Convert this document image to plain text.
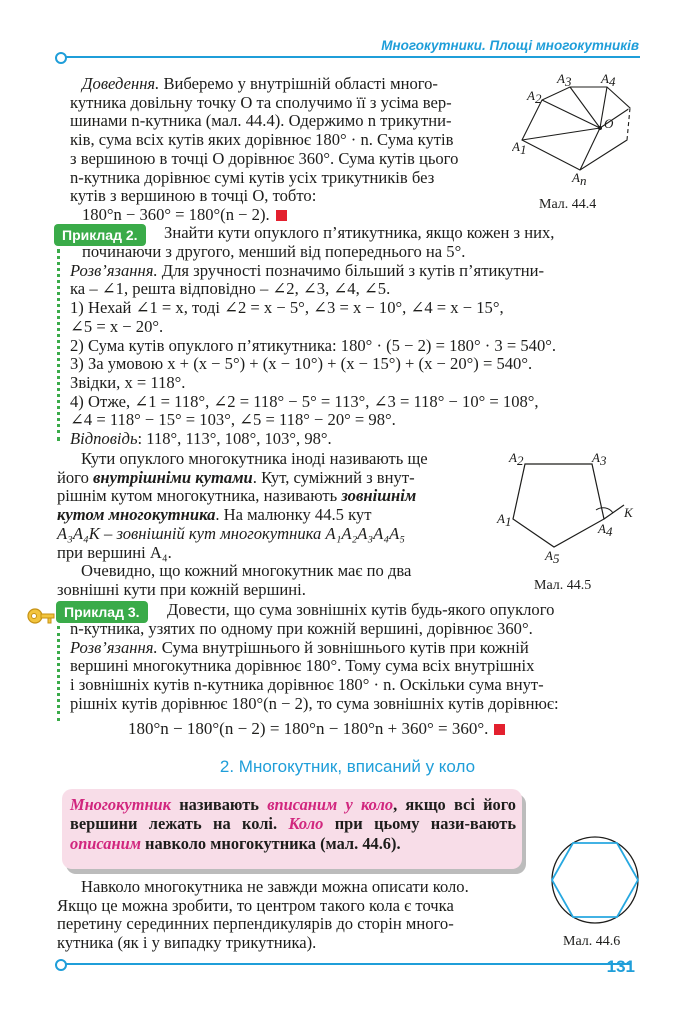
Многокутники. Площі многокутників

Доведення. Виберемо у внутрішній області много-

кутника довільну точку O та сполучимо її з усіма вер-

шинами n-кутника (мал. 44.4). Одержимо n трикутни-

ків, сума всіх кутів яких дорівнює 180° · n. Сума кутів

з вершиною в точці O дорівнює 360°. Сума кутів цього

n-кутника дорівнює сумі кутів усіх трикутників без

кутів з вершиною в точці O, тобто:

180°n − 360° = 180°(n − 2).

A1
A2
A3 A4
An
O
Мал. 44.4
Приклад 2.	Знайти кути опуклого п’ятикутника, якщо кожен з них,

починаючи з другого, менший від попереднього на 5°.

Розв’язання. Для зручності позначимо більший з кутів п’ятикутни-

ка – ∠1, решта відповідно – ∠2, ∠3, ∠4, ∠5.

1) Нехай ∠1 = x, тоді ∠2 = x − 5°, ∠3 = x − 10°, ∠4 = x − 15°,

∠5 = x − 20°.

2) Сума кутів опуклого п’ятикутника: 180° · (5 − 2) = 180° · 3 = 540°.

3) За умовою x + (x − 5°) + (x − 10°) + (x − 15°) + (x − 20°) = 540°.

Звідки, x = 118°.

4) Отже, ∠1 = 118°, ∠2 = 118° − 5° = 113°, ∠3 = 118° − 10° = 108°,

∠4 = 118° − 15° = 103°, ∠5 = 118° − 20° = 98°.

Відповідь: 118°, 113°, 108°, 103°, 98°.

Кути опуклого многокутника іноді називають ще

його внутрішніми кутами. Кут, суміжний з внут-

рішнім кутом многокутника, називають зовнішнім

кутом многокутника. На малюнку 44.5 кут

A₃A₄K – зовнішній кут многокутника A₁A₂A₃A₄A₅

при вершині A₄.

Очевидно, що кожний многокутник має по два

зовнішні кути при кожній вершині.

A1
A2	A3
A4
A5
K
Мал. 44.5
Приклад 3.	Довести, що сума зовнішніх кутів будь-якого опуклого

n-кутника, узятих по одному при кожній вершині, дорівнює 360°.

Розв’язання. Сума внутрішнього й зовнішнього кутів при кожній

вершині многокутника дорівнює 180°. Тому сума всіх внутрішніх

і зовнішніх кутів n-кутника дорівнює 180° · n. Оскільки сума внут-

рішніх кутів дорівнює 180°(n − 2), то сума зовнішніх кутів дорівнює:

180°n − 180°(n − 2) = 180°n − 180°n + 360° = 360°.

2. Многокутник, вписаний у коло
Многокутник називають вписаним у коло, якщо всі його вершини лежать на колі. Коло при цьому нази-вають описаним навколо многокутника (мал. 44.6).
Мал. 44.6

Навколо многокутника не завжди можна описати коло.

Якщо це можна зробити, то центром такого кола є точка

перетину серединних перпендикулярів до сторін много-

кутника (як і у випадку трикутника).

131
